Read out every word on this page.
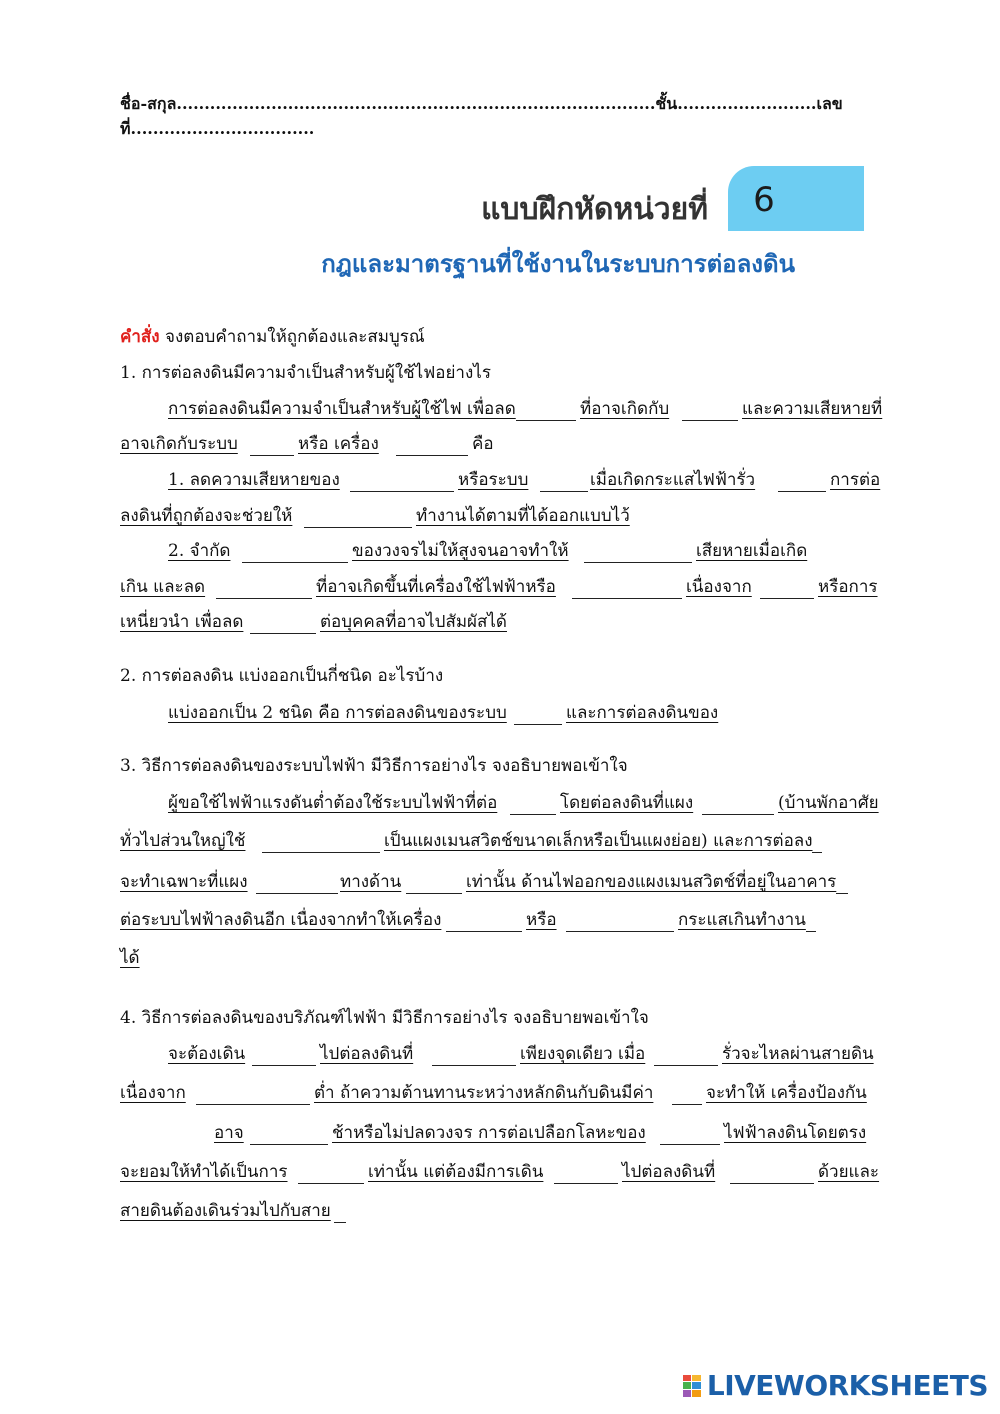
ชื่อ-สกุล......................................................................................ชั้น.........................เลขที่.................................
แบบฝึกหัดหน่วยที่	6
กฎและมาตรฐานที่ใช้งานในระบบการต่อลงดิน
คำสั่ง จงตอบคำถามให้ถูกต้องและสมบูรณ์
1. การต่อลงดินมีความจำเป็นสำหรับผู้ใช้ไฟอย่างไร
การต่อลงดินมีความจำเป็นสำหรับผู้ใช้ไฟ เพื่อลด	ที่อาจเกิดกับ	และความเสียหายที่
อาจเกิดกับระบบ	หรือ เครื่อง	คือ
1. ลดความเสียหายของ	หรือระบบ	เมื่อเกิดกระแสไฟฟ้ารั่ว	การต่อ
ลงดินที่ถูกต้องจะช่วยให้	ทำงานได้ตามที่ได้ออกแบบไว้
2. จำกัด	ของวงจรไม่ให้สูงจนอาจทำให้	เสียหายเมื่อเกิด
เกิน และลด	ที่อาจเกิดขึ้นที่เครื่องใช้ไฟฟ้าหรือ	เนื่องจาก	หรือการ
เหนี่ยวนำ เพื่อลด	ต่อบุคคลที่อาจไปสัมผัสได้
2. การต่อลงดิน แบ่งออกเป็นกี่ชนิด อะไรบ้าง
แบ่งออกเป็น 2 ชนิด คือ การต่อลงดินของระบบ	และการต่อลงดินของ
3. วิธีการต่อลงดินของระบบไฟฟ้า มีวิธีการอย่างไร จงอธิบายพอเข้าใจ
ผู้ขอใช้ไฟฟ้าแรงดันต่ำต้องใช้ระบบไฟฟ้าที่ต่อ	โดยต่อลงดินที่แผง	(บ้านพักอาศัย
ทั่วไปส่วนใหญ่ใช้	เป็นแผงเมนสวิตช์ขนาดเล็กหรือเป็นแผงย่อย) และการต่อลง
จะทำเฉพาะที่แผง	ทางด้าน	เท่านั้น ด้านไฟออกของแผงเมนสวิตช์ที่อยู่ในอาคาร
ต่อระบบไฟฟ้าลงดินอีก เนื่องจากทำให้เครื่อง	หรือ	กระแสเกินทำงาน
ได้
4. วิธีการต่อลงดินของบริภัณฑ์ไฟฟ้า มีวิธีการอย่างไร จงอธิบายพอเข้าใจ
จะต้องเดิน	ไปต่อลงดินที่	เพียงจุดเดียว เมื่อ	รั่วจะไหลผ่านสายดิน
เนื่องจาก	ต่ำ ถ้าความต้านทานระหว่างหลักดินกับดินมีค่า	จะทำให้ เครื่องป้องกัน
อาจ	ช้าหรือไม่ปลดวงจร การต่อเปลือกโลหะของ	ไฟฟ้าลงดินโดยตรง
จะยอมให้ทำได้เป็นการ	เท่านั้น แต่ต้องมีการเดิน	ไปต่อลงดินที่	ด้วยและ
สายดินต้องเดินร่วมไปกับสาย
LIVEWORKSHEETS
